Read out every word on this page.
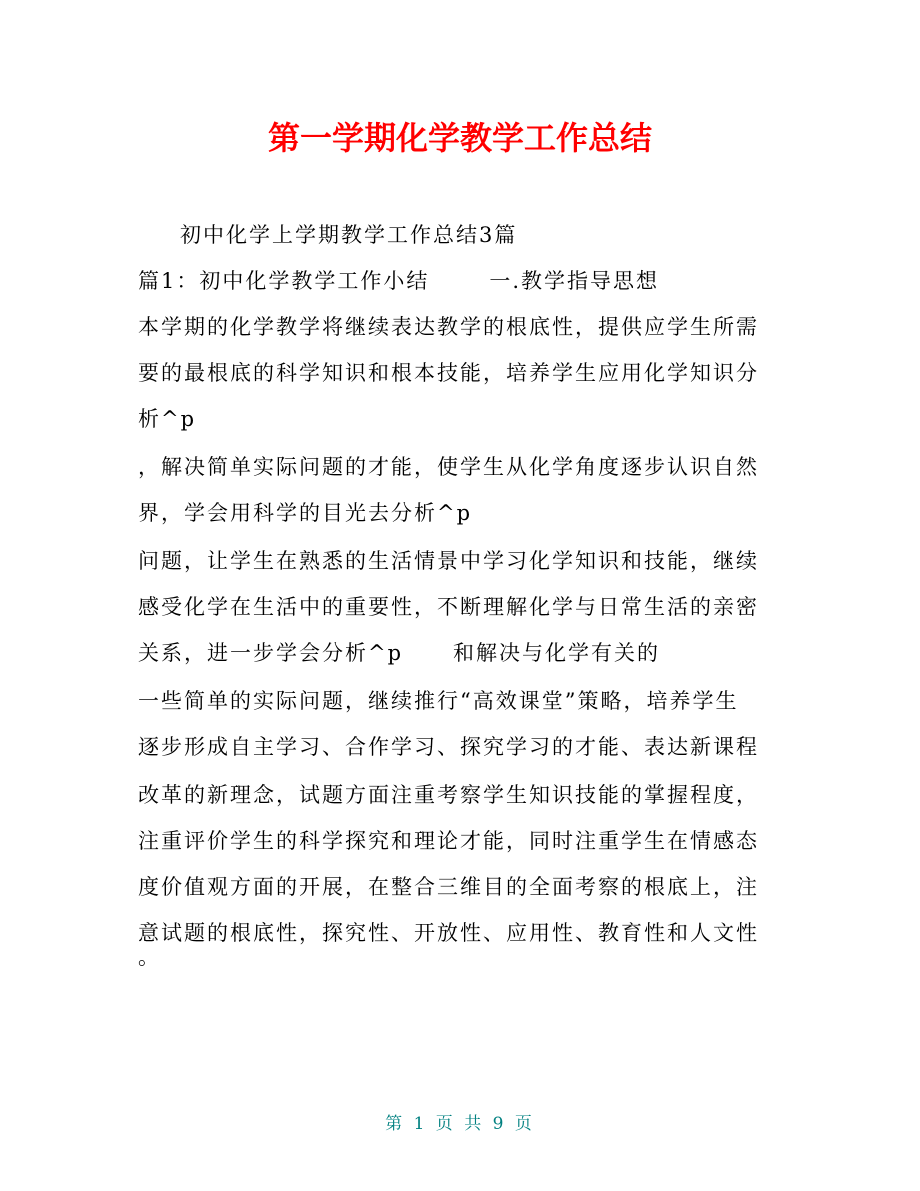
第一学期化学教学工作总结
初中化学上学期教学工作总结3篇
篇1：初中化学教学工作小结	一.教学指导思想
本学期的化学教学将继续表达教学的根底性，提供应学生所需
要的最根底的科学知识和根本技能，培养学生应用化学知识分
析^p
，解决简单实际问题的才能，使学生从化学角度逐步认识自然
界，学会用科学的目光去分析^p
问题，让学生在熟悉的生活情景中学习化学知识和技能，继续
感受化学在生活中的重要性，不断理解化学与日常生活的亲密
关系，进一步学会分析^p 和解决与化学有关的
一些简单的实际问题，继续推行“高效课堂”策略，培养学生
逐步形成自主学习、合作学习、探究学习的才能、表达新课程
改革的新理念，试题方面注重考察学生知识技能的掌握程度，
注重评价学生的科学探究和理论才能，同时注重学生在情感态
度价值观方面的开展，在整合三维目的全面考察的根底上，注
意试题的根底性，探究性、开放性、应用性、教育性和人文性
。
第 1 页 共 9 页
